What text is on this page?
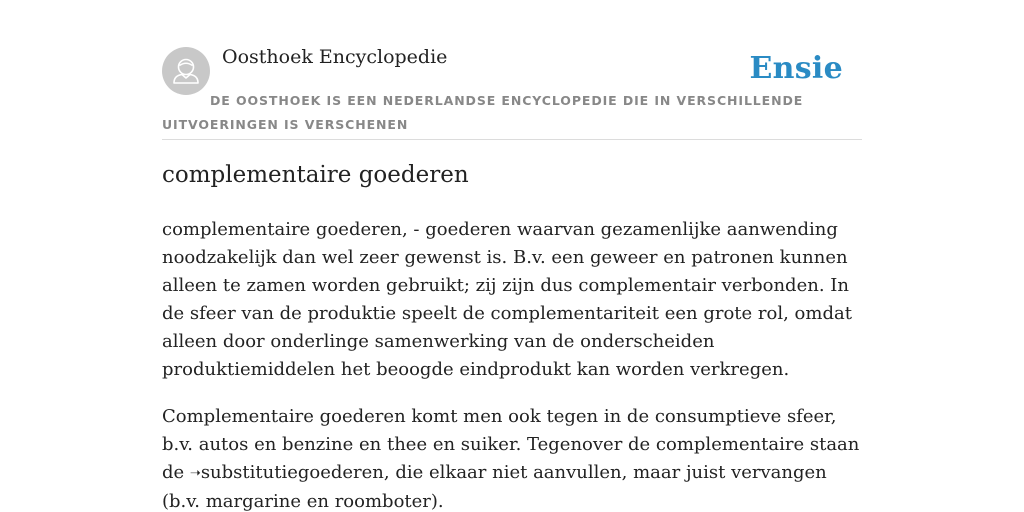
Oosthoek Encyclopedie	Ensie
DE OOSTHOEK IS EEN NEDERLANDSE ENCYCLOPEDIE DIE IN VERSCHILLENDE UITVOERINGEN IS VERSCHENEN
complementaire goederen

complementaire goederen, - goederen waarvan gezamenlijke aanwending noodzakelijk dan wel zeer gewenst is. B.v. een geweer en patronen kunnen alleen te zamen worden gebruikt; zij zijn dus complementair verbonden. In de sfeer van de produktie speelt de complementariteit een grote rol, omdat alleen door onderlinge samenwerking van de onderscheiden produktiemiddelen het beoogde eindprodukt kan worden verkregen.

Complementaire goederen komt men ook tegen in de consumptieve sfeer, b.v. autos en benzine en thee en suiker. Tegenover de complementaire staan de ➝substitutiegoederen, die elkaar niet aanvullen, maar juist vervangen (b.v. margarine en roomboter).
